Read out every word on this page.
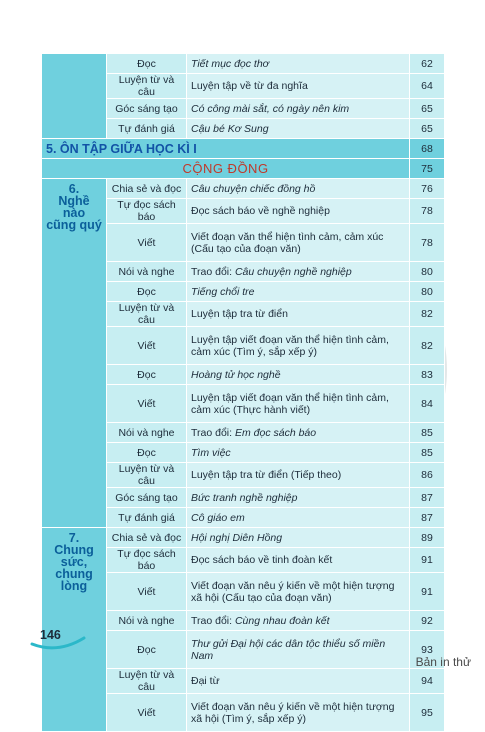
	Đọc	Tiết mục đọc thơ	62
	Luyện từ và câu	Luyện tập về từ đa nghĩa	64
	Góc sáng tạo	Có công mài sắt, có ngày nên kim	65
	Tự đánh giá	Cậu bé Kơ Sung	65
5. ÔN TẬP GIỮA HỌC KÌ I			68
CỘNG ĐỒNG			75
6.
Nghề nào
cũng quý	Chia sẻ và đọc	Câu chuyện chiếc đồng hồ	76
	Tự đọc sách báo	Đọc sách báo về nghề nghiệp	78
	Viết	Viết đoạn văn thể hiện tình cảm, cảm xúc (Cấu tạo của đoạn văn)	78
	Nói và nghe	Trao đổi: Câu chuyện nghề nghiệp	80
	Đọc	Tiếng chổi tre	80
	Luyện từ và câu	Luyện tập tra từ điển	82
	Viết	Luyện tập viết đoạn văn thể hiện tình cảm, cảm xúc (Tìm ý, sắp xếp ý)	82
	Đọc	Hoàng tử học nghề	83
	Viết	Luyện tập viết đoạn văn thể hiện tình cảm, cảm xúc (Thực hành viết)	84
	Nói và nghe	Trao đổi: Em đọc sách báo	85
	Đọc	Tìm việc	85
	Luyện từ và câu	Luyện tập tra từ điển (Tiếp theo)	86
	Góc sáng tạo	Bức tranh nghề nghiệp	87
	Tự đánh giá	Cô giáo em	87
7.
Chung
sức,
chung
lòng	Chia sẻ và đọc	Hội nghị Diên Hồng	89
	Tự đọc sách báo	Đọc sách báo về tinh đoàn kết	91
	Viết	Viết đoạn văn nêu ý kiến về một hiện tượng xã hội (Cấu tạo của đoạn văn)	91
	Nói và nghe	Trao đổi: Cùng nhau đoàn kết	92
	Đọc	Thư gửi Đại hội các dân tộc thiểu số miền Nam	93
	Luyện từ và câu	Đại từ	94
	Viết	Viết đoạn văn nêu ý kiến về một hiện tượng xã hội (Tìm ý, sắp xếp ý)	95
146
Bản in thử
